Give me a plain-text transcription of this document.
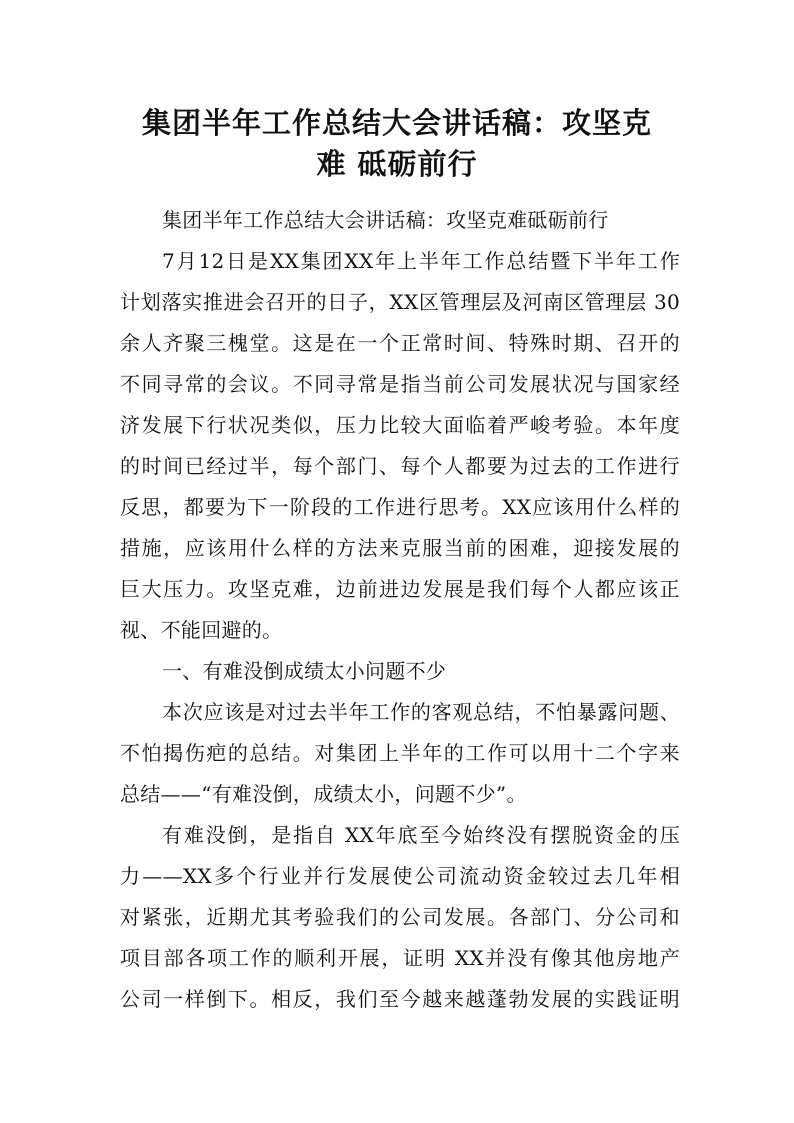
集团半年工作总结大会讲话稿：攻坚克
难 砥砺前行
集团半年工作总结大会讲话稿：攻坚克难砥砺前行
7月12日是XX集团XX年上半年工作总结暨下半年工作
计划落实推进会召开的日子，XX区管理层及河南区管理层 30
余人齐聚三槐堂。这是在一个正常时间、特殊时期、召开的
不同寻常的会议。不同寻常是指当前公司发展状况与国家经
济发展下行状况类似，压力比较大面临着严峻考验。本年度
的时间已经过半，每个部门、每个人都要为过去的工作进行
反思，都要为下一阶段的工作进行思考。XX应该用什么样的
措施，应该用什么样的方法来克服当前的困难，迎接发展的
巨大压力。攻坚克难，边前进边发展是我们每个人都应该正
视、不能回避的。
一、有难没倒成绩太小问题不少
本次应该是对过去半年工作的客观总结，不怕暴露问题、
不怕揭伤疤的总结。对集团上半年的工作可以用十二个字来
总结——“有难没倒，成绩太小，问题不少”。
有难没倒，是指自 XX年底至今始终没有摆脱资金的压
力——XX多个行业并行发展使公司流动资金较过去几年相
对紧张，近期尤其考验我们的公司发展。各部门、分公司和
项目部各项工作的顺利开展，证明 XX并没有像其他房地产
公司一样倒下。相反，我们至今越来越蓬勃发展的实践证明
